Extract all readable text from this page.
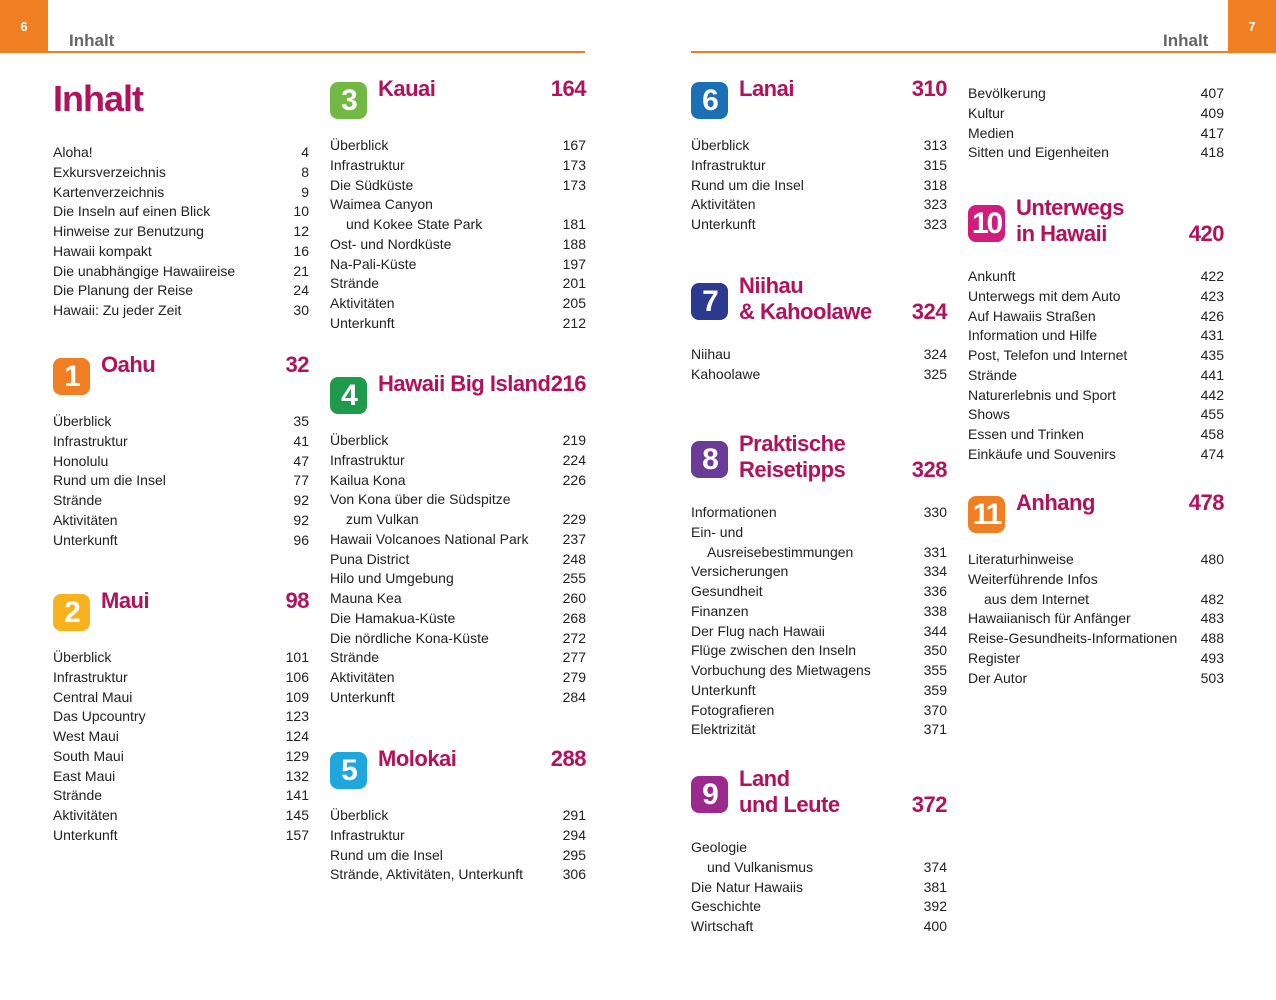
6
Inhalt
7
Inhalt
Inhalt
Aloha!	4
Exkursverzeichnis	8
Kartenverzeichnis	9
Die Inseln auf einen Blick	10
Hinweise zur Benutzung	12
Hawaii kompakt	16
Die unabhängige Hawaiireise	21
Die Planung der Reise	24
Hawaii: Zu jeder Zeit	30
1	Oahu	32
Überblick	35
Infrastruktur	41
Honolulu	47
Rund um die Insel	77
Strände	92
Aktivitäten	92
Unterkunft	96
2	Maui	98
Überblick	101
Infrastruktur	106
Central Maui	109
Das Upcountry	123
West Maui	124
South Maui	129
East Maui	132
Strände	141
Aktivitäten	145
Unterkunft	157
3	Kauai	164
Überblick	167
Infrastruktur	173
Die Südküste	173
Waimea Canyon
und Kokee State Park	181
Ost- und Nordküste	188
Na-Pali-Küste	197
Strände	201
Aktivitäten	205
Unterkunft	212
4	Hawaii Big Island 216
Überblick	219
Infrastruktur	224
Kailua Kona	226
Von Kona über die Südspitze
zum Vulkan	229
Hawaii Volcanoes National Park 237
Puna District	248
Hilo und Umgebung	255
Mauna Kea	260
Die Hamakua-Küste	268
Die nördliche Kona-Küste	272
Strände	277
Aktivitäten	279
Unterkunft	284
5	Molokai	288
Überblick	291
Infrastruktur	294
Rund um die Insel	295
Strände, Aktivitäten, Unterkunft	306
6	Lanai	310
Überblick	313
Infrastruktur	315
Rund um die Insel	318
Aktivitäten	323
Unterkunft	323
7	Niihau
& Kahoolawe 324
Niihau	324
Kahoolawe	325
8	Praktische
Reisetipps	328
Informationen	330
Ein- und
Ausreisebestimmungen	331
Versicherungen	334
Gesundheit	336
Finanzen	338
Der Flug nach Hawaii	344
Flüge zwischen den Inseln	350
Vorbuchung des Mietwagens	355
Unterkunft	359
Fotografieren	370
Elektrizität	371
9	Land
und Leute	372
Geologie
und Vulkanismus	374
Die Natur Hawaiis	381
Geschichte	392
Wirtschaft	400
Bevölkerung	407
Kultur	409
Medien	417
Sitten und Eigenheiten	418
10 Unterwegs
in Hawaii	420
Ankunft	422
Unterwegs mit dem Auto	423
Auf Hawaiis Straßen	426
Information und Hilfe	431
Post, Telefon und Internet	435
Strände	441
Naturerlebnis und Sport	442
Shows	455
Essen und Trinken	458
Einkäufe und Souvenirs	474
11 Anhang	478
Literaturhinweise	480
Weiterführende Infos
aus dem Internet	482
Hawaiianisch für Anfänger	483
Reise-Gesundheits-Informationen 488
Register	493
Der Autor	503
